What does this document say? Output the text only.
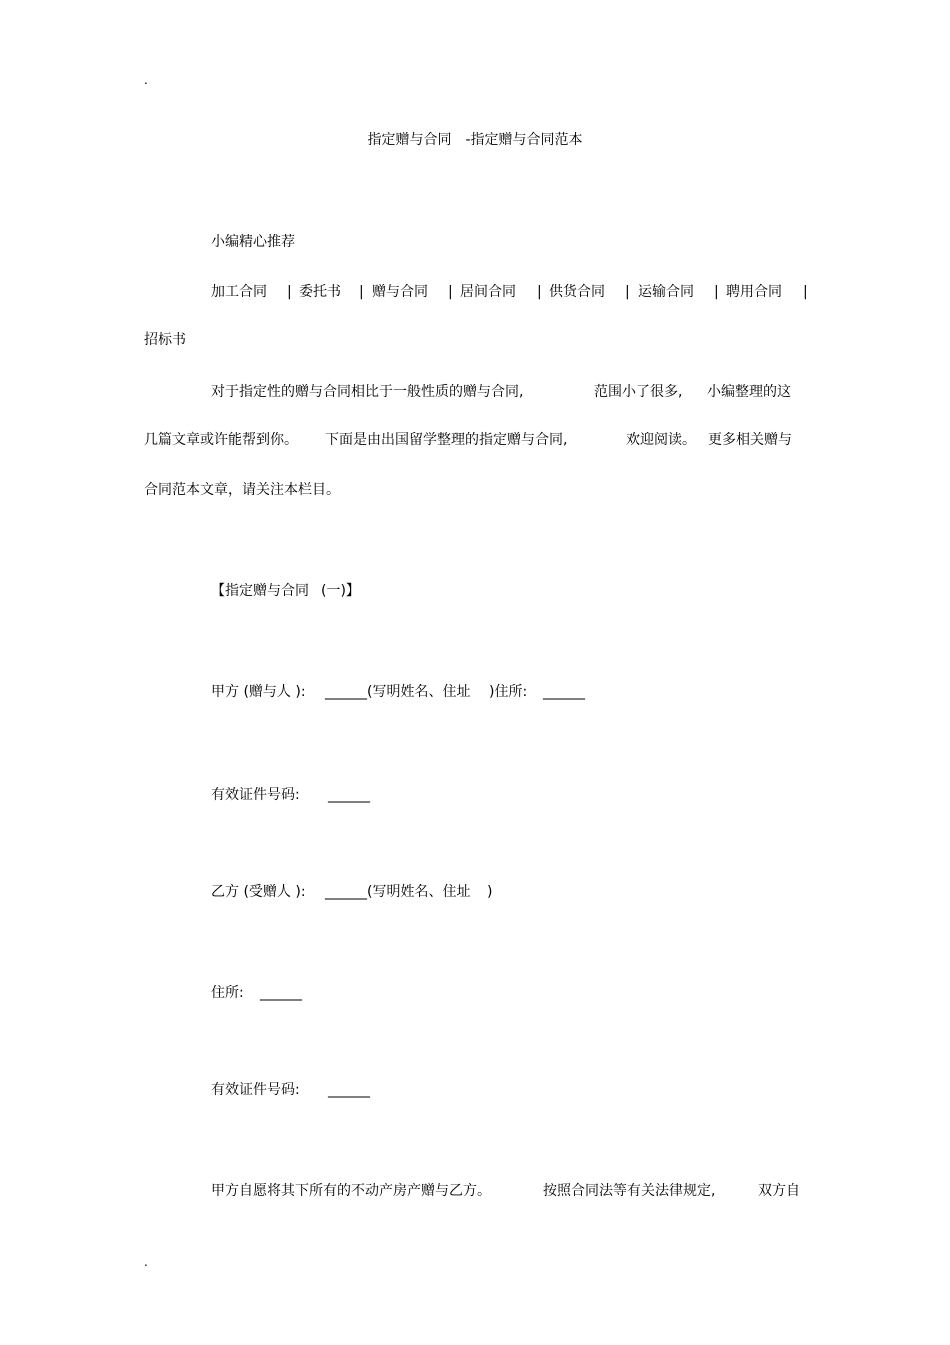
.
指定赠与合同 -指定赠与合同范本
小编精心推荐
加工合同 | 委托书 | 赠与合同 | 居间合同 | 供货合同 | 运输合同 | 聘用合同 |
招标书
对于指定性的赠与合同相比于一般性质的赠与合同,	范围小了很多, 小编整理的这
几篇文章或许能帮到你。 下面是由出国留学整理的指定赠与合同,	欢迎阅读。 更多相关赠与
合同范本文章，请关注本栏目。
【指定赠与合同 (一)】
甲方 (赠与人 ): ______(写明姓名、住址 )住所: ______
有效证件号码: ______
乙方 (受赠人 ): ______(写明姓名、住址 )
住所: ______
有效证件号码: ______
甲方自愿将其下所有的不动产房产赠与乙方。	按照合同法等有关法律规定,	双方自
.
